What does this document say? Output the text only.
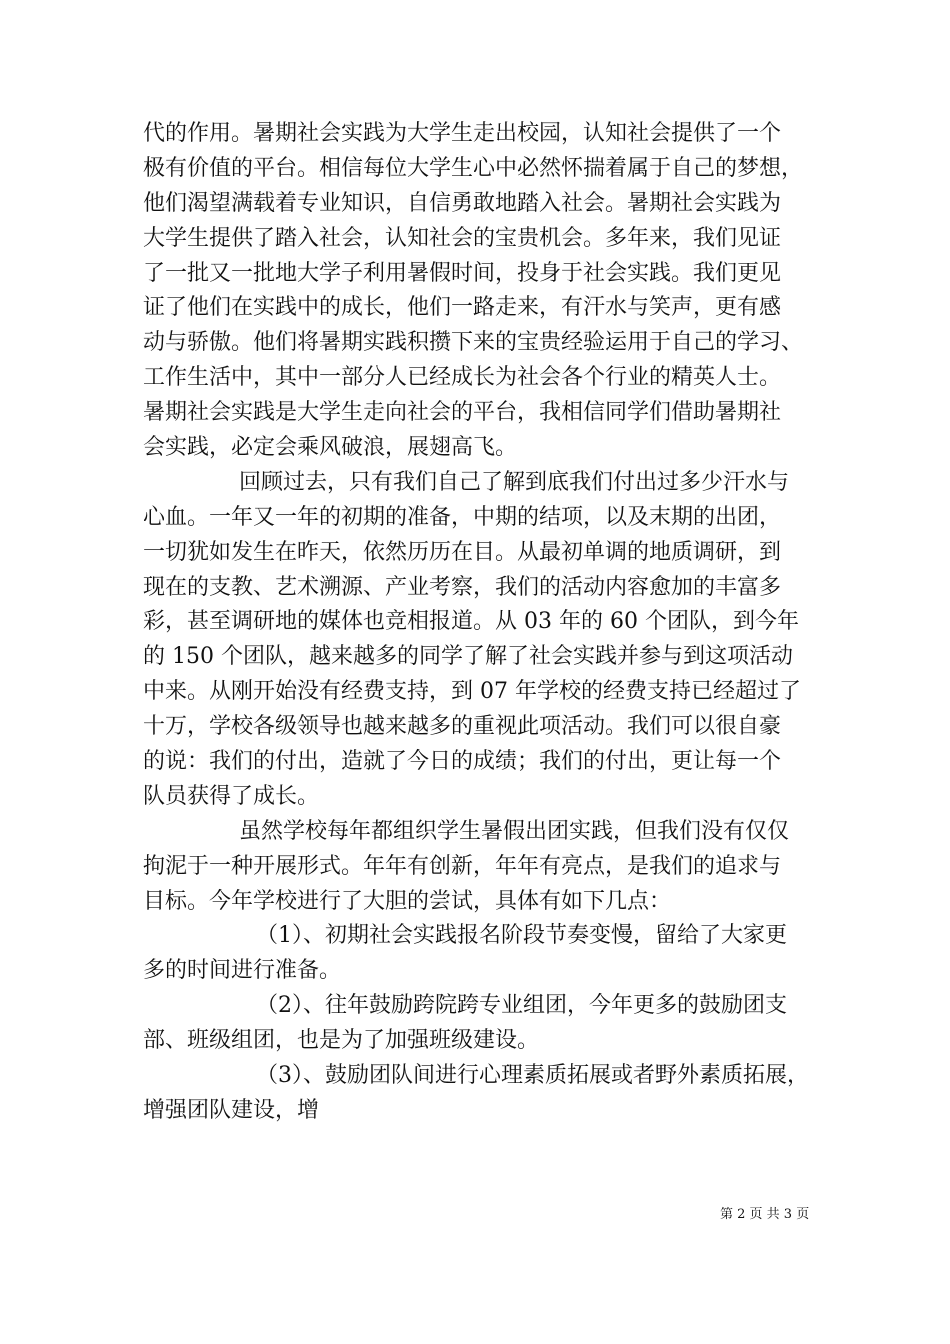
代的作用。暑期社会实践为大学生走出校园，认知社会提供了一个

极有价值的平台。相信每位大学生心中必然怀揣着属于自己的梦想，

他们渴望满载着专业知识，自信勇敢地踏入社会。暑期社会实践为

大学生提供了踏入社会，认知社会的宝贵机会。多年来，我们见证

了一批又一批地大学子利用暑假时间，投身于社会实践。我们更见

证了他们在实践中的成长，他们一路走来，有汗水与笑声，更有感

动与骄傲。他们将暑期实践积攒下来的宝贵经验运用于自己的学习、

工作生活中，其中一部分人已经成长为社会各个行业的精英人士。

暑期社会实践是大学生走向社会的平台，我相信同学们借助暑期社

会实践，必定会乘风破浪，展翅高飞。

回顾过去，只有我们自己了解到底我们付出过多少汗水与

心血。一年又一年的初期的准备，中期的结项，以及末期的出团，

一切犹如发生在昨天，依然历历在目。从最初单调的地质调研，到

现在的支教、艺术溯源、产业考察，我们的活动内容愈加的丰富多

彩，甚至调研地的媒体也竞相报道。从 03 年的 60 个团队，到今年

的 150 个团队，越来越多的同学了解了社会实践并参与到这项活动

中来。从刚开始没有经费支持，到 07 年学校的经费支持已经超过了

十万，学校各级领导也越来越多的重视此项活动。我们可以很自豪

的说：我们的付出，造就了今日的成绩；我们的付出，更让每一个

队员获得了成长。

虽然学校每年都组织学生暑假出团实践，但我们没有仅仅

拘泥于一种开展形式。年年有创新，年年有亮点，是我们的追求与

目标。今年学校进行了大胆的尝试，具体有如下几点：

（1）、初期社会实践报名阶段节奏变慢，留给了大家更

多的时间进行准备。

（2）、往年鼓励跨院跨专业组团，今年更多的鼓励团支

部、班级组团，也是为了加强班级建设。

（3）、鼓励团队间进行心理素质拓展或者野外素质拓展，

增强团队建设，增

第 2 页 共 3 页
